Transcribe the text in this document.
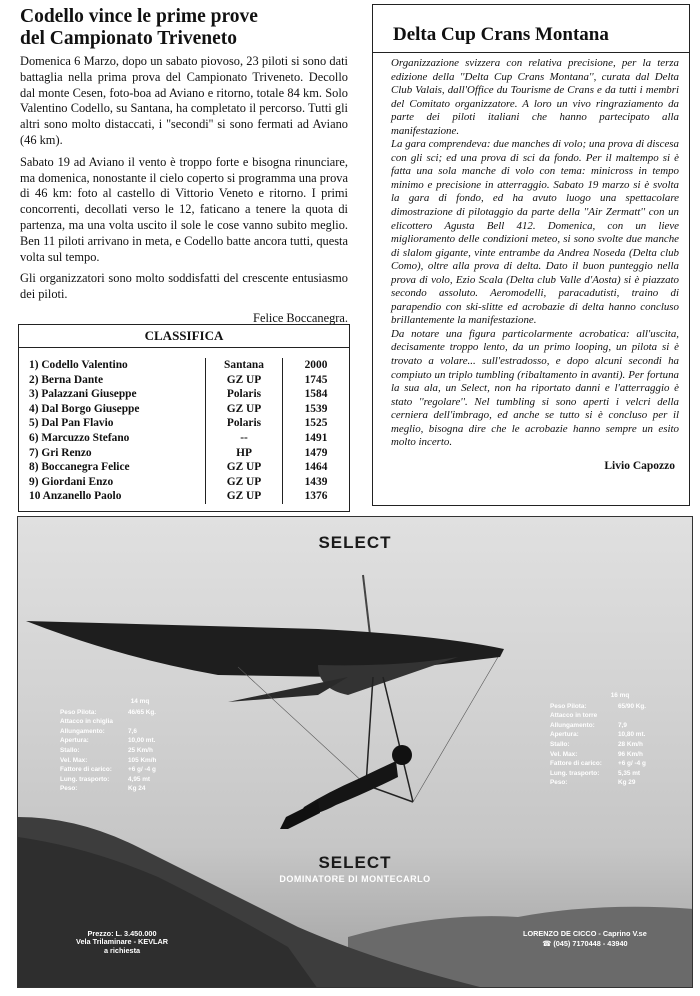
Codello vince le prime prove
del Campionato Triveneto

Domenica 6 Marzo, dopo un sabato piovoso, 23 piloti si sono dati battaglia nella prima prova del Campionato Triveneto. Decollo dal monte Cesen, foto-boa ad Aviano e ritorno, totale 84 km. Solo Valentino Codello, su Santana, ha completato il percorso. Tutti gli altri sono molto distaccati, i ''secondi'' si sono fermati ad Aviano (46 km).

Sabato 19 ad Aviano il vento è troppo forte e bisogna rinunciare, ma domenica, nonostante il cielo coperto si programma una prova di 46 km: foto al castello di Vittorio Veneto e ritorno. I primi concorrenti, decollati verso le 12, faticano a tenere la quota di partenza, ma una volta uscito il sole le cose vanno subito meglio. Ben 11 piloti arrivano in meta, e Codello batte ancora tutti, questa volta sul tempo.

Gli organizzatori sono molto soddisfatti del crescente entusiasmo dei piloti.

Felice Boccanegra.
CLASSIFICA
1) Codello Valentino	Santana	2000
2) Berna Dante	GZ UP	1745
3) Palazzani Giuseppe	Polaris	1584
4) Dal Borgo Giuseppe	GZ UP	1539
5) Dal Pan Flavio	Polaris	1525
6) Marcuzzo Stefano	--	1491
7) Gri Renzo	HP	1479
8) Boccanegra Felice	GZ UP	1464
9) Giordani Enzo	GZ UP	1439
10 Anzanello Paolo	GZ UP	1376
Delta Cup Crans Montana

Organizzazione svizzera con relativa precisione, per la terza edizione della ''Delta Cup Crans Montana'', curata dal Delta Club Valais, dall'Office du Tourisme de Crans e da tutti i membri del Comitato organizzatore. A loro un vivo ringraziamento da parte dei piloti italiani che hanno partecipato alla manifestazione.

La gara comprendeva: due manches di volo; una prova di discesa con gli sci; ed una prova di sci da fondo. Per il maltempo si è fatta una sola manche di volo con tema: minicross in tempo minimo e precisione in atterraggio. Sabato 19 marzo si è svolta la gara di fondo, ed ha avuto luogo una spettacolare dimostrazione di pilotaggio da parte della ''Air Zermatt'' con un elicottero Agusta Bell 412. Domenica, con un lieve miglioramento delle condizioni meteo, si sono svolte due manche di slalom gigante, vinte entrambe da Andrea Noseda (Delta club Como), oltre alla prova di delta. Dato il buon punteggio nella prova di volo, Ezio Scala (Delta club Valle d'Aosta) si è piazzato secondo assoluto. Aeromodelli, paracadutisti, traino di parapendio con ski-slitte ed acrobazie di delta hanno concluso brillantemente la manifestazione.

Da notare una figura particolarmente acrobatica: all'uscita, decisamente troppo lento, da un primo looping, un pilota si è trovato a volare... sull'estradosso, e dopo alcuni secondi ha compiuto un triplo tumbling (ribaltamento in avanti). Per fortuna la sua ala, un Select, non ha riportato danni e l'atterraggio è stato ''regolare''. Nel tumbling si sono aperti i velcri della cerniera dell'imbrago, ed anche se tutto si è concluso per il meglio, bisogna dire che le acrobazie hanno sempre un esito molto incerto.

Livio Capozzo
SELECT
14 mq
Peso Pilota:	46/65 Kg.
Attacco in chiglia
Allungamento:	7,6
Apertura:	10,00 mt.
Stallo:	25 Km/h
Vel. Max:	105 Km/h
Fattore di carico:	+6 g/ -4 g
Lung. trasporto:	4,95 mt
Peso:	Kg 24
16 mq
Peso Pilota:	65/90 Kg.
Attacco in torre
Allungamento:	7,9
Apertura:	10,80 mt.
Stallo:	28 Km/h
Vel. Max:	96 Km/h
Fattore di carico:	+6 g/ -4 g
Lung. trasporto:	5,35 mt
Peso:	Kg 29
SELECT
DOMINATORE DI MONTECARLO
Prezzo: L. 3.450.000
Vela Trilaminare - KEVLAR
a richiesta
LORENZO DE CICCO - Caprino V.se
☎ (045) 7170448 - 43940
